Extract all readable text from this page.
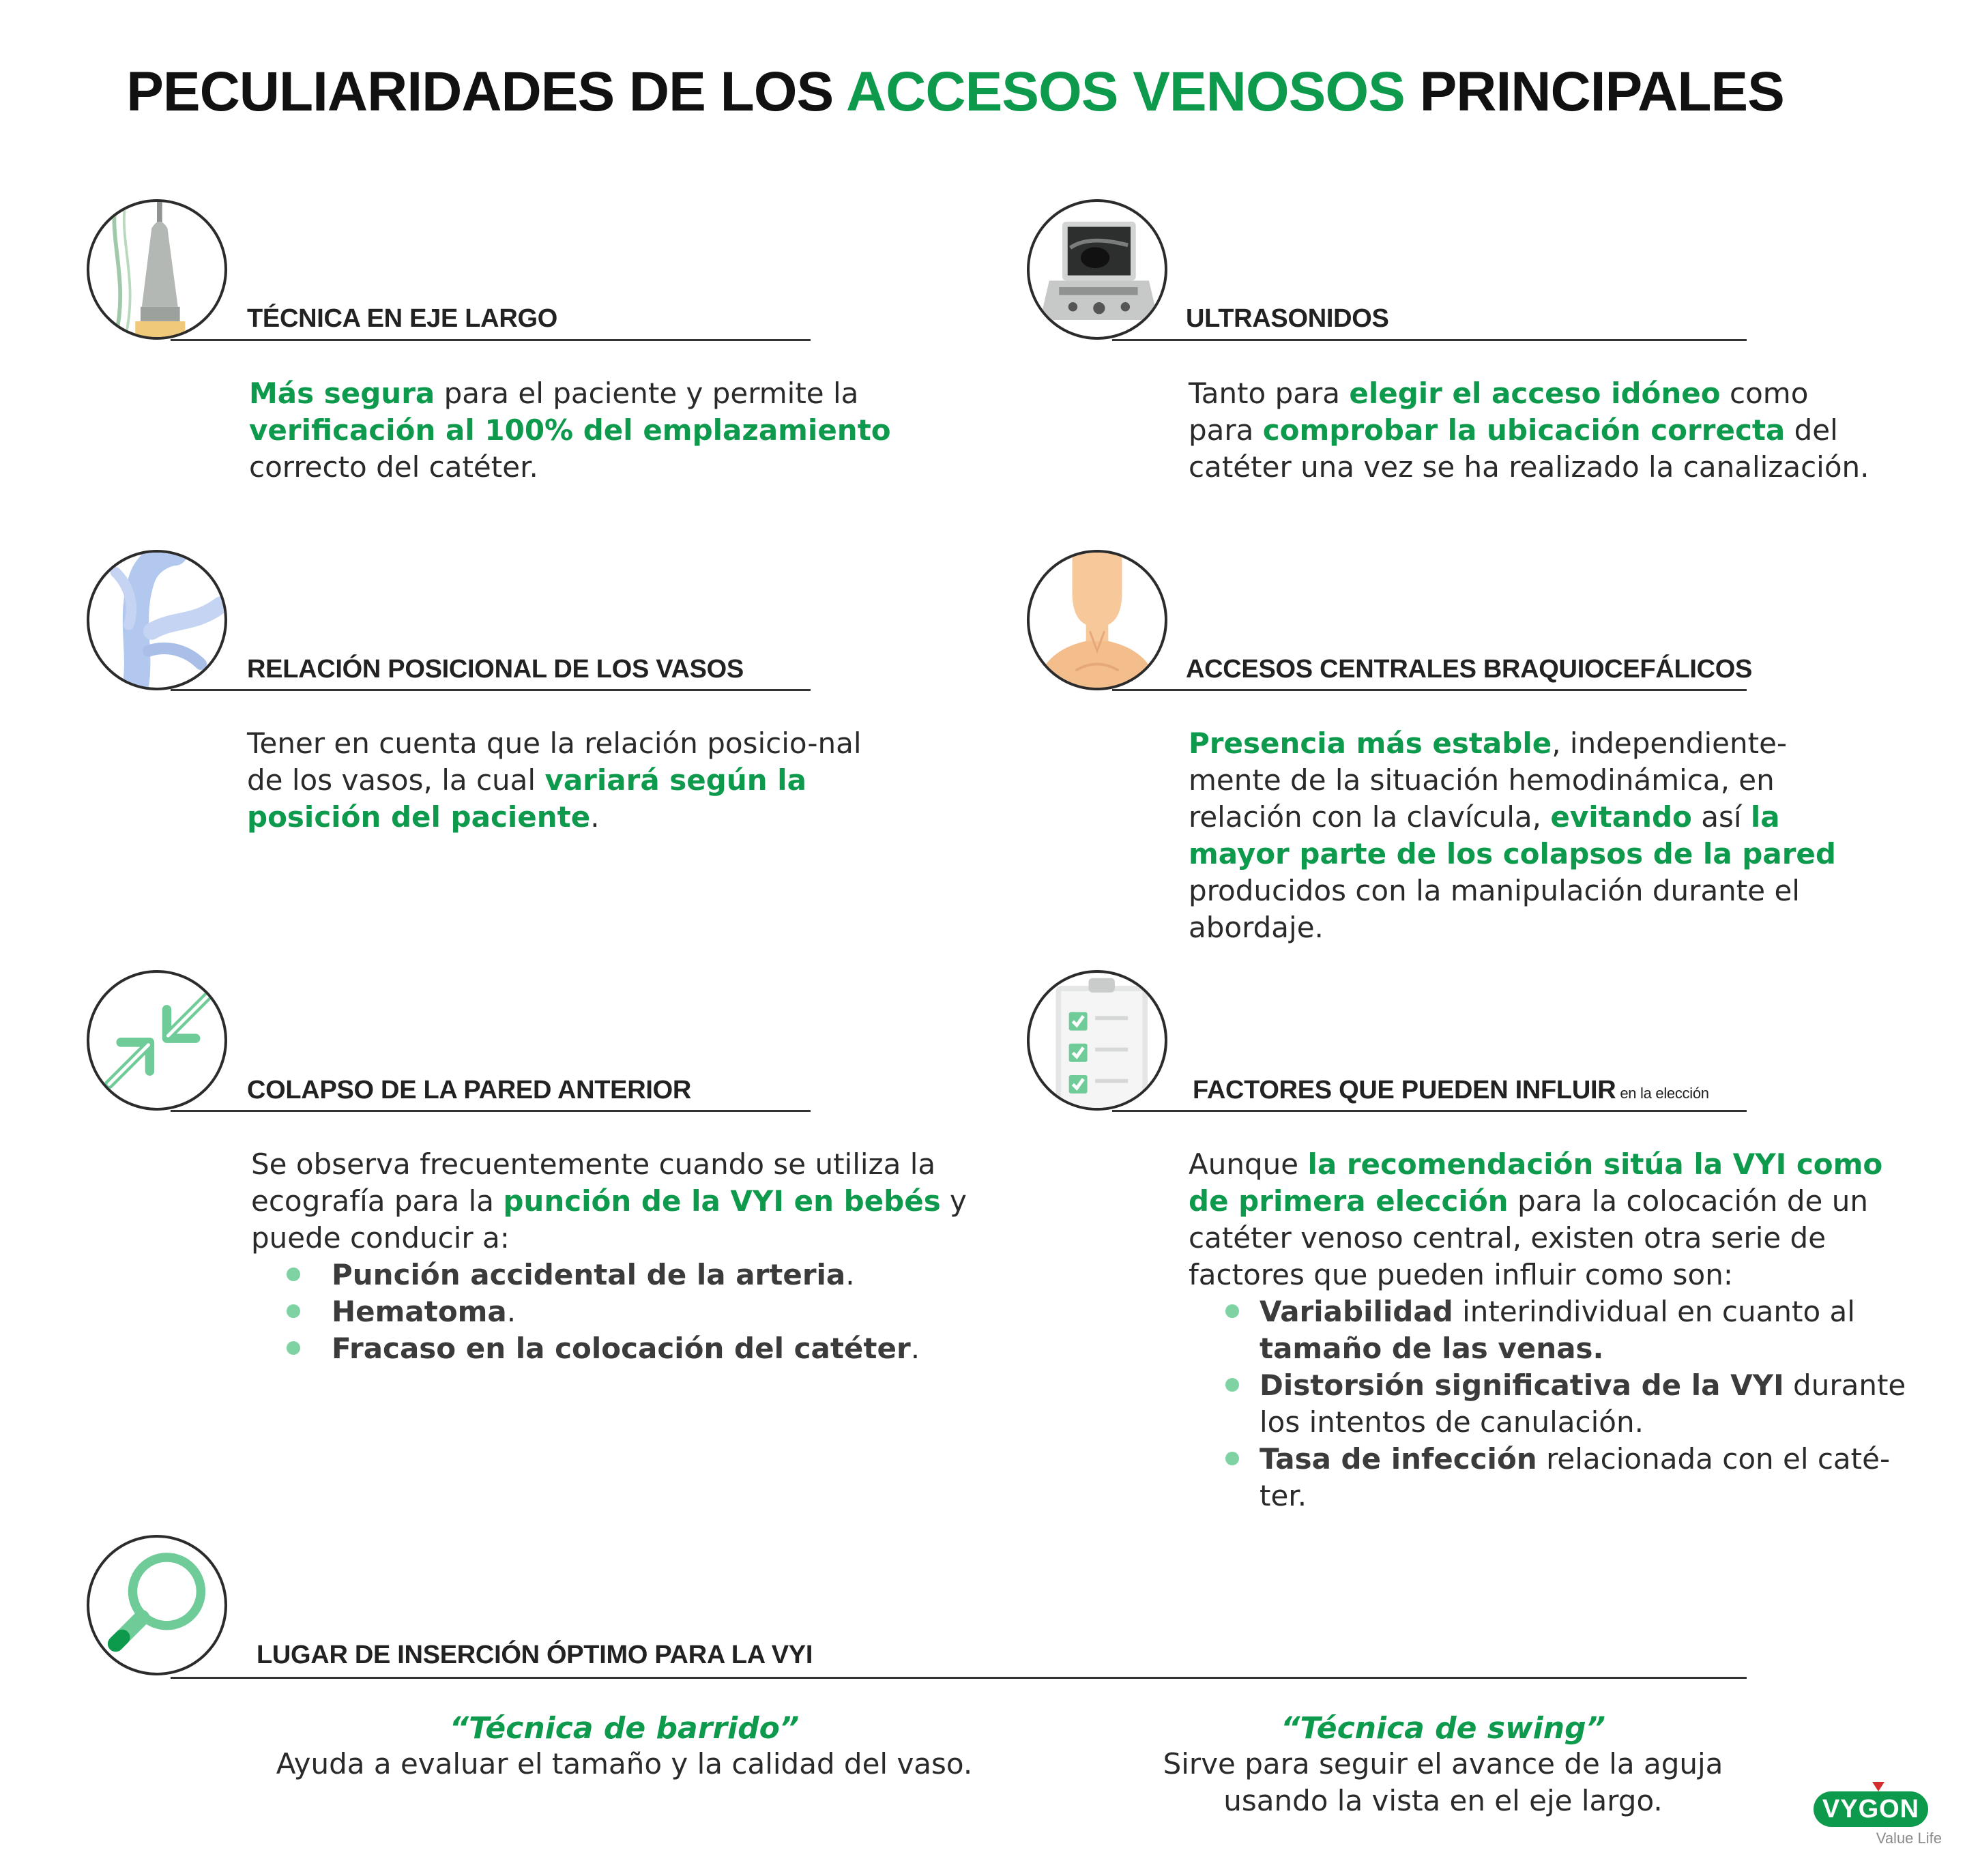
PECULIARIDADES DE LOS ACCESOS VENOSOS PRINCIPALES
TÉCNICA EN EJE LARGO
Más segura para el paciente y permite la verificación al 100% del emplazamiento correcto del catéter.
ULTRASONIDOS
Tanto para elegir el acceso idóneo como para comprobar la ubicación correcta del catéter una vez se ha realizado la canalización.
RELACIÓN POSICIONAL DE LOS VASOS
Tener en cuenta que la relación posicio-nal de los vasos, la cual variará según la posición del paciente.
ACCESOS CENTRALES BRAQUIOCEFÁLICOS
Presencia más estable, independiente-mente de la situación hemodinámica, en relación con la clavícula, evitando así la mayor parte de los colapsos de la pared producidos con la manipulación durante el abordaje.
COLAPSO DE LA PARED ANTERIOR
Se observa frecuentemente cuando se utiliza la ecografía para la punción de la VYI en bebés y puede conducir a:
Punción accidental de la arteria.
Hematoma.
Fracaso en la colocación del catéter.
FACTORES QUE PUEDEN INFLUIR en la elección
Aunque la recomendación sitúa la VYI como de primera elección para la colocación de un catéter venoso central, existen otra serie de factores que pueden influir como son:
Variabilidad interindividual en cuanto al tamaño de las venas.
Distorsión significativa de la VYI durante los intentos de canulación.
Tasa de infección relacionada con el caté-ter.
LUGAR DE INSERCIÓN ÓPTIMO PARA LA VYI
“Técnica de barrido”
Ayuda a evaluar el tamaño y la calidad del vaso.
“Técnica de swing”
Sirve para seguir el avance de la aguja usando la vista en el eje largo.	VYGON
Value Life
